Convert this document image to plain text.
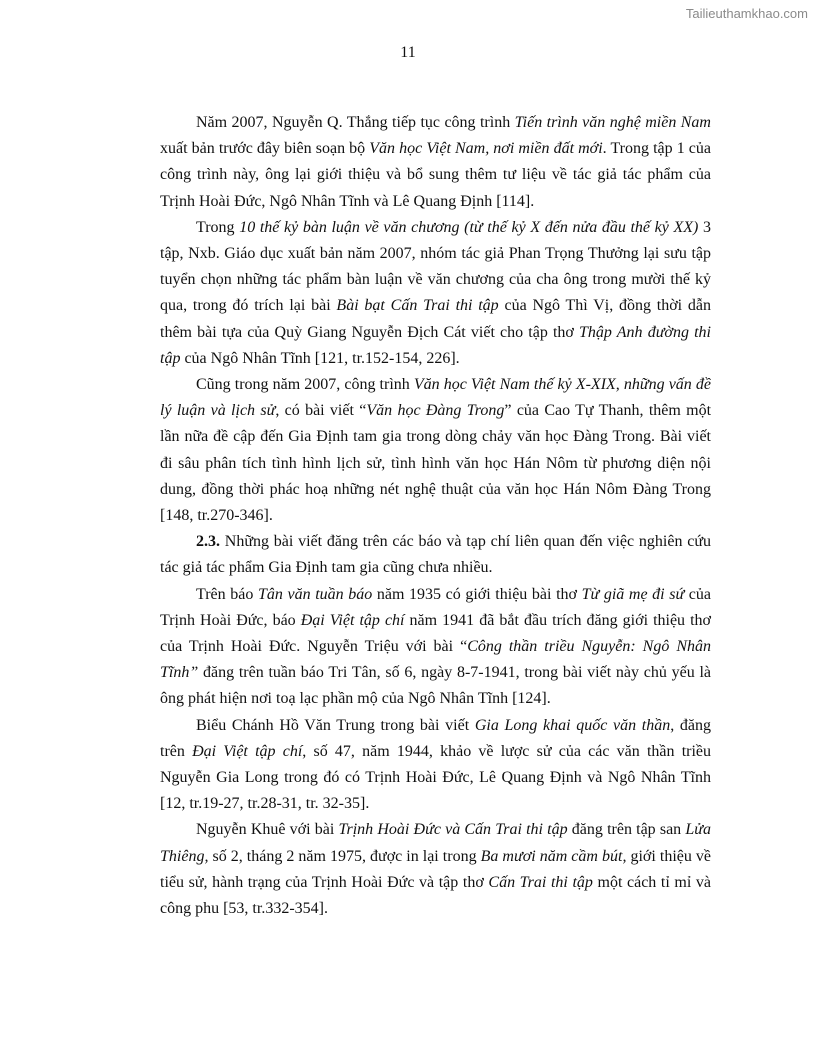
Tailieuthamkhao.com
11

Năm 2007, Nguyễn Q. Thắng tiếp tục công trình Tiến trình văn nghệ miền Nam xuất bản trước đây biên soạn bộ Văn học Việt Nam, nơi miền đất mới. Trong tập 1 của công trình này, ông lại giới thiệu và bổ sung thêm tư liệu về tác giả tác phẩm của Trịnh Hoài Đức, Ngô Nhân Tĩnh và Lê Quang Định [114].

Trong 10 thế kỷ bàn luận về văn chương (từ thế kỷ X đến nửa đầu thế kỷ XX) 3 tập, Nxb. Giáo dục xuất bản năm 2007, nhóm tác giả Phan Trọng Thưởng lại sưu tập tuyển chọn những tác phẩm bàn luận về văn chương của cha ông trong mười thế kỷ qua, trong đó trích lại bài Bài bạt Cấn Trai thi tập của Ngô Thì Vị, đồng thời dẫn thêm bài tựa của Quỳ Giang Nguyễn Địch Cát viết cho tập thơ Thập Anh đường thi tập của Ngô Nhân Tĩnh [121, tr.152-154, 226].

Cũng trong năm 2007, công trình Văn học Việt Nam thế kỷ X-XIX, những vấn đề lý luận và lịch sử, có bài viết “Văn học Đàng Trong” của Cao Tự Thanh, thêm một lần nữa đề cập đến Gia Định tam gia trong dòng chảy văn học Đàng Trong. Bài viết đi sâu phân tích tình hình lịch sử, tình hình văn học Hán Nôm từ phương diện nội dung, đồng thời phác hoạ những nét nghệ thuật của văn học Hán Nôm Đàng Trong [148, tr.270-346].

2.3. Những bài viết đăng trên các báo và tạp chí liên quan đến việc nghiên cứu tác giả tác phẩm Gia Định tam gia cũng chưa nhiều.

Trên báo Tân văn tuần báo năm 1935 có giới thiệu bài thơ Từ giã mẹ đi sứ của Trịnh Hoài Đức, báo Đại Việt tập chí năm 1941 đã bắt đầu trích đăng giới thiệu thơ của Trịnh Hoài Đức. Nguyễn Triệu với bài “Công thần triều Nguyễn: Ngô Nhân Tĩnh” đăng trên tuần báo Tri Tân, số 6, ngày 8-7-1941, trong bài viết này chủ yếu là ông phát hiện nơi toạ lạc phần mộ của Ngô Nhân Tĩnh [124].

Biểu Chánh Hồ Văn Trung trong bài viết Gia Long khai quốc văn thần, đăng trên Đại Việt tập chí, số 47, năm 1944, khảo về lược sử của các văn thần triều Nguyễn Gia Long trong đó có Trịnh Hoài Đức, Lê Quang Định và Ngô Nhân Tĩnh [12, tr.19-27, tr.28-31, tr. 32-35].

Nguyễn Khuê với bài Trịnh Hoài Đức và Cấn Trai thi tập đăng trên tập san Lửa Thiêng, số 2, tháng 2 năm 1975, được in lại trong Ba mươi năm cầm bút, giới thiệu về tiểu sử, hành trạng của Trịnh Hoài Đức và tập thơ Cấn Trai thi tập một cách tỉ mỉ và công phu [53, tr.332-354].
